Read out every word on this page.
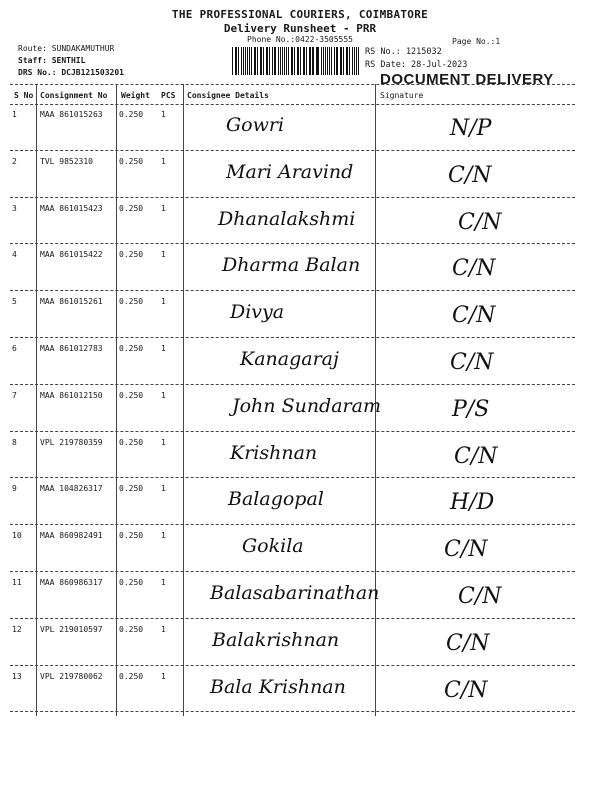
THE PROFESSIONAL COURIERS, COIMBATORE
Delivery Runsheet - PRR
Phone No.:0422-3505555	Page No.:1
Route: SUNDAKAMUTHUR
Staff: SENTHIL
DRS No.: DCJB121503201
RS No.: 1215032
RS Date: 28-Jul-2023
DOCUMENT DELIVERY
S No Consignment No Weight PCS Consignee Details	Signature
1	MAA 861015263 0.250 1	Gowri	N/P
2	TVL 9852310	0.250 1	Mari Aravind	C/N
3	MAA 861015423 0.250 1	Dhanalakshmi	C/N
4	MAA 861015422 0.250 1	Dharma Balan	C/N
5	MAA 861015261 0.250 1	Divya	C/N
6	MAA 861012783 0.250 1	Kanagaraj	C/N
7	MAA 861012150 0.250 1	John Sundaram	P/S
8	VPL 219780359 0.250 1	Krishnan	C/N
9	MAA 104826317 0.250 1	Balagopal	H/D
10 MAA 860982491 0.250 1	Gokila	C/N
11 MAA 860986317 0.250 1 Balasabarinathan	C/N
12 VPL 219010597 0.250 1 Balakrishnan	C/N
13 VPL 219780062 0.250 1 Bala Krishnan	C/N
